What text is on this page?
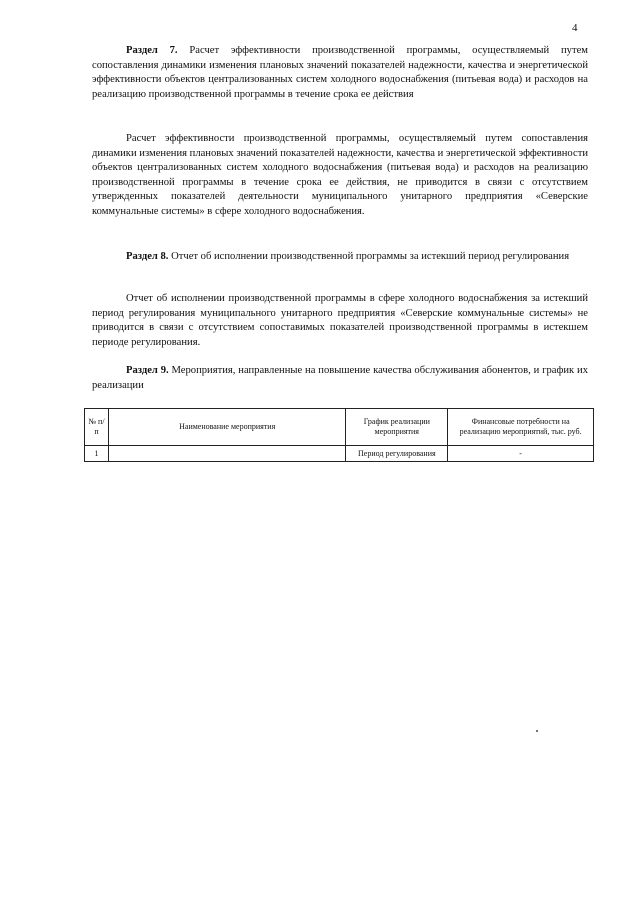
4
Раздел 7. Расчет эффективности производственной программы, осуществляемый путем сопоставления динамики изменения плановых значений показателей надежности, качества и энергетической эффективности объектов централизованных систем холодного водоснабжения (питьевая вода) и расходов на реализацию производственной программы в течение срока ее действия
Расчет эффективности производственной программы, осуществляемый путем сопоставления динамики изменения плановых значений показателей надежности, качества и энергетической эффективности объектов централизованных систем холодного водоснабжения (питьевая вода) и расходов на реализацию производственной программы в течение срока ее действия, не приводится в связи с отсутствием утвержденных показателей деятельности муниципального унитарного предприятия «Северские коммунальные системы» в сфере холодного водоснабжения.
Раздел 8. Отчет об исполнении производственной программы за истекший период регулирования
Отчет об исполнении производственной программы в сфере холодного водоснабжения за истекший период регулирования муниципального унитарного предприятия «Северские коммунальные системы» не приводится в связи с отсутствием сопоставимых показателей производственной программы в истекшем периоде регулирования.
Раздел 9. Мероприятия, направленные на повышение качества обслуживания абонентов, и график их реализации
№ п/п	Наименование мероприятия	График реализации мероприятия	Финансовые потребности на реализацию мероприятий, тыс. руб.
1		Период регулирования	-
